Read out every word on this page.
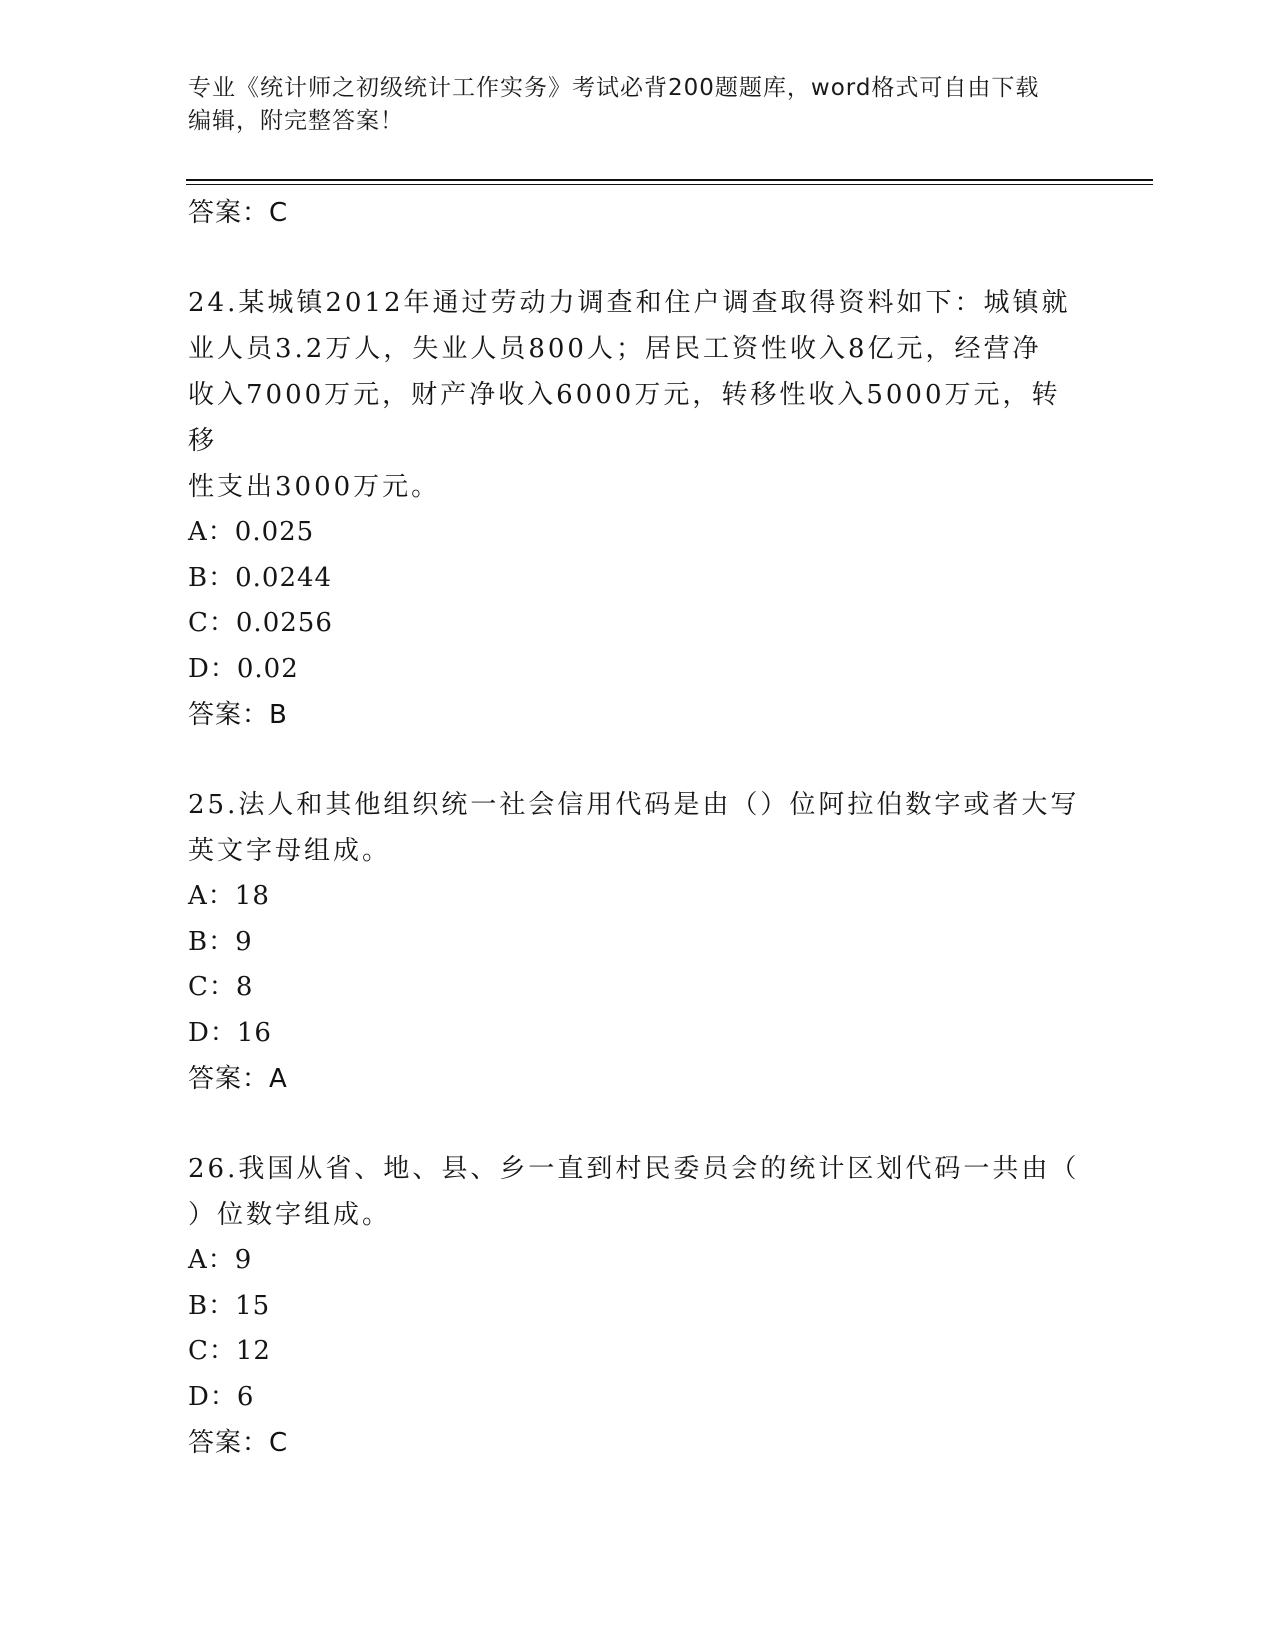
专业《统计师之初级统计工作实务》考试必背200题题库，word格式可自由下载
编辑，附完整答案！
答案：C
24.某城镇2012年通过劳动力调查和住户调查取得资料如下：城镇就
业人员3.2万人，失业人员800人；居民工资性收入8亿元，经营净
收入7000万元，财产净收入6000万元，转移性收入5000万元，转移
性支出3000万元。
A：0.025
B：0.0244
C：0.0256
D：0.02
答案：B
25.法人和其他组织统一社会信用代码是由（）位阿拉伯数字或者大写
英文字母组成。
A：18
B：9
C：8
D：16
答案：A
26.我国从省、地、县、乡一直到村民委员会的统计区划代码一共由（
）位数字组成。
A：9
B：15
C：12
D：6
答案：C
